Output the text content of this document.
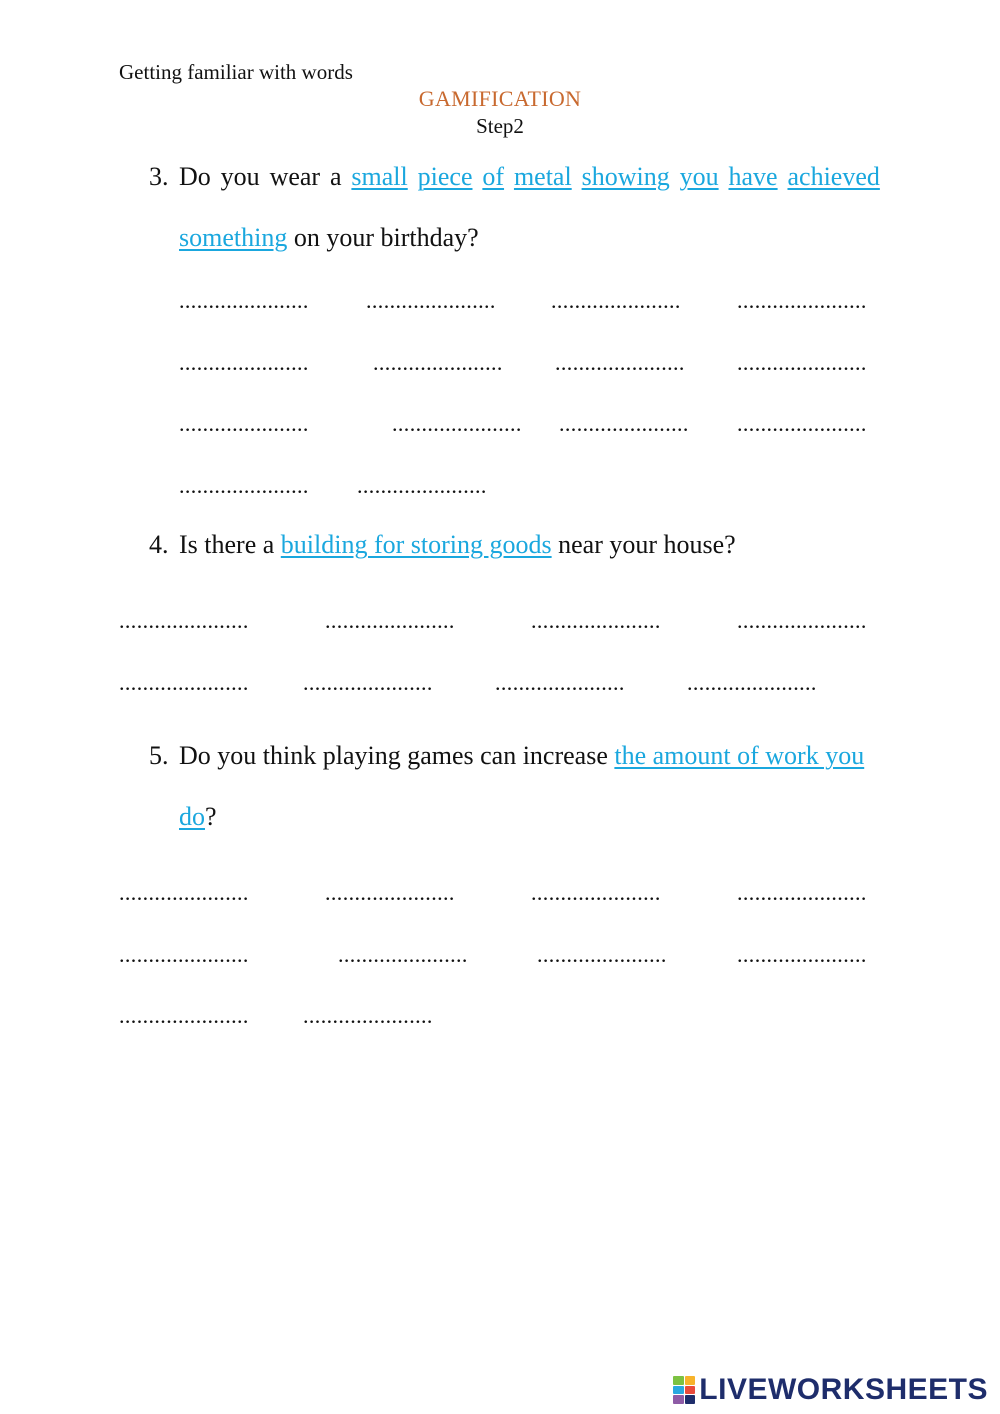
Getting familiar with words
GAMIFICATION
Step2
3. Do you wear a small piece of metal showing you have achieved
something on your birthday?
......................	......................	......................	......................
......................	...................... ...................... ......................
......................	...................... ...................... ......................
...................... ......................
4. Is there a building for storing goods near your house?
......................	......................	......................	......................
...................... ......................	......................	......................
5. Do you think playing games can increase the amount of work you
do?
......................	......................	......................	......................
......................	......................	......................	......................
...................... ......................
LIVEWORKSHEETS
